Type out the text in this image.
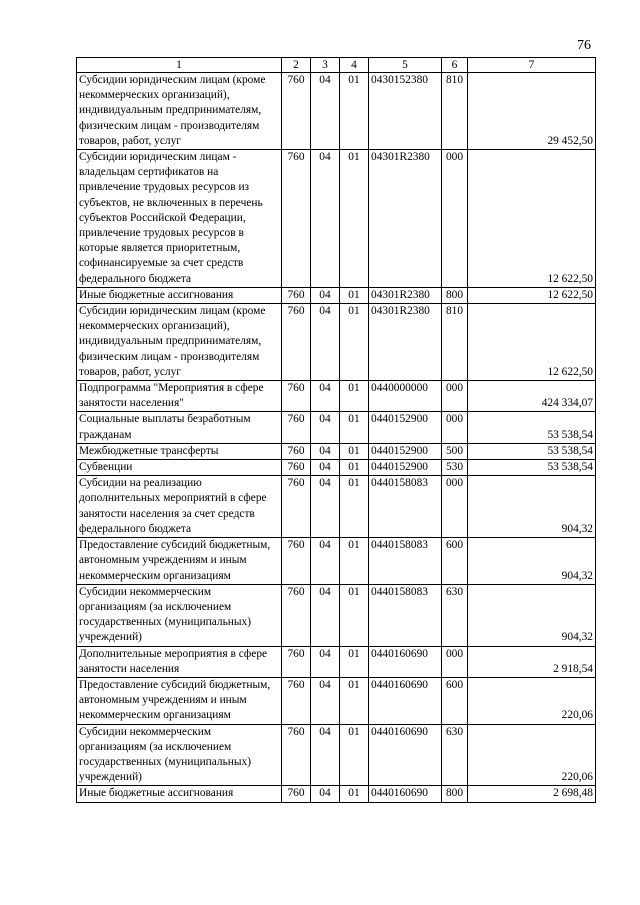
76
1	2	3	4	5	6	7
Субсидии юридическим лицам (кроме некоммерческих организаций), индивидуальным предпринимателям, физическим лицам - производителям товаров, работ, услуг	760	04	01	0430152380	810	29 452,50
Субсидии юридическим лицам - владельцам сертификатов на привлечение трудовых ресурсов из субъектов, не включенных в перечень субъектов Российской Федерации, привлечение трудовых ресурсов в которые является приоритетным, софинансируемые за счет средств федерального бюджета	760	04	01	04301R2380	000	12 622,50
Иные бюджетные ассигнования	760	04	01	04301R2380	800	12 622,50
Субсидии юридическим лицам (кроме некоммерческих организаций), индивидуальным предпринимателям, физическим лицам - производителям товаров, работ, услуг	760	04	01	04301R2380	810	12 622,50
Подпрограмма "Мероприятия в сфере занятости населения"	760	04	01	0440000000	000	424 334,07
Социальные выплаты безработным гражданам	760	04	01	0440152900	000	53 538,54
Межбюджетные трансферты	760	04	01	0440152900	500	53 538,54
Субвенции	760	04	01	0440152900	530	53 538,54
Субсидии на реализацию дополнительных мероприятий в сфере занятости населения за счет средств федерального бюджета	760	04	01	0440158083	000	904,32
Предоставление субсидий бюджетным, автономным учреждениям и иным некоммерческим организациям	760	04	01	0440158083	600	904,32
Субсидии некоммерческим организациям (за исключением государственных (муниципальных) учреждений)	760	04	01	0440158083	630	904,32
Дополнительные мероприятия в сфере занятости населения	760	04	01	0440160690	000	2 918,54
Предоставление субсидий бюджетным, автономным учреждениям и иным некоммерческим организациям	760	04	01	0440160690	600	220,06
Субсидии некоммерческим организациям (за исключением государственных (муниципальных) учреждений)	760	04	01	0440160690	630	220,06
Иные бюджетные ассигнования	760	04	01	0440160690	800	2 698,48
